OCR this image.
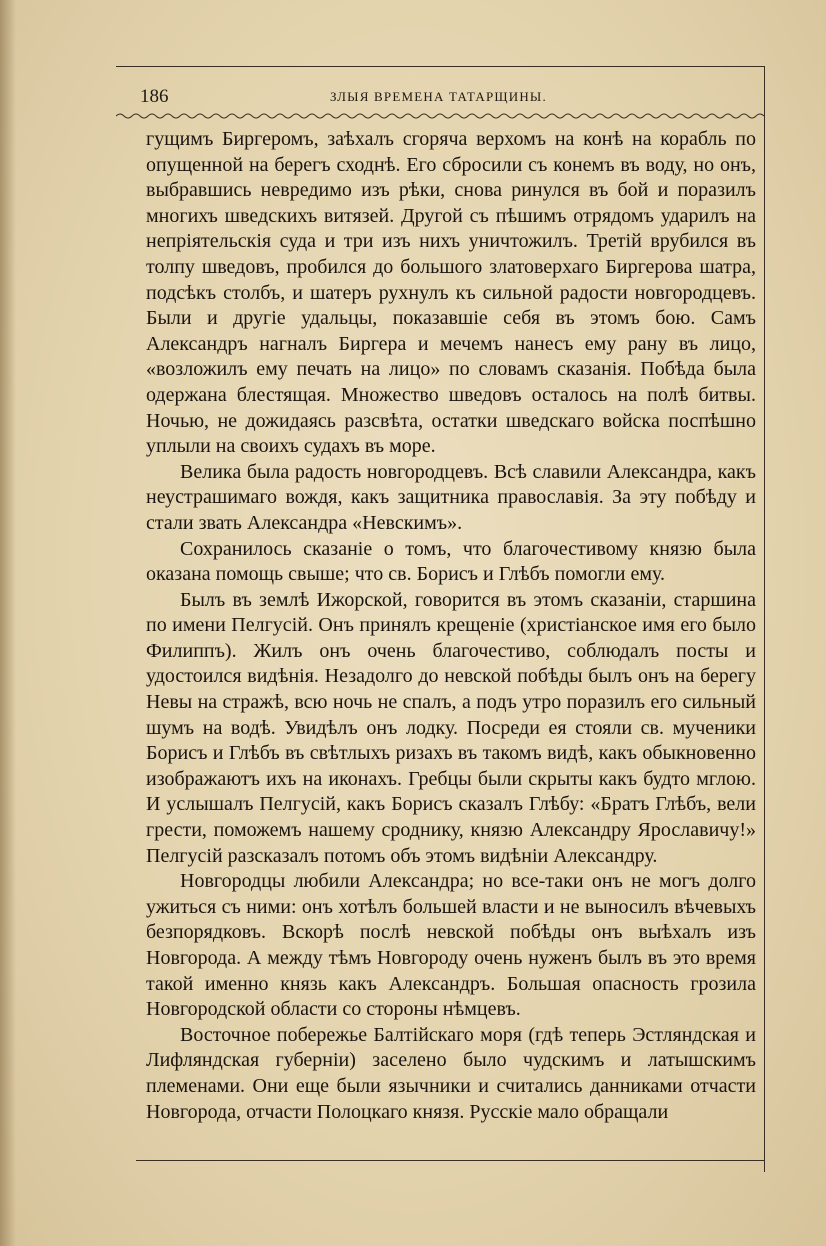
186	ЗЛЫЯ ВРЕМЕНА ТАТАРЩИНЫ.

гущимъ Биргеромъ, заѣхалъ сгоряча верхомъ на конѣ на корабль по опущенной на берегъ сходнѣ. Его сбросили съ конемъ въ воду, но онъ, выбравшись невредимо изъ рѣки, снова ринулся въ бой и поразилъ многихъ шведскихъ витязей. Другой съ пѣшимъ отрядомъ ударилъ на непріятельскія суда и три изъ нихъ уничтожилъ. Третій врубился въ толпу шведовъ, пробился до большого златоверхаго Биргерова шатра, подсѣкъ столбъ, и шатеръ рухнулъ къ сильной радости новгородцевъ. Были и другіе удальцы, показавшіе себя въ этомъ бою. Самъ Александръ нагналъ Биргера и мечемъ нанесъ ему рану въ лицо, «возложилъ ему печать на лицо» по словамъ сказанія. Побѣда была одержана блестящая. Множество шведовъ осталось на полѣ битвы. Ночью, не дожидаясь разсвѣта, остатки шведскаго войска поспѣшно уплыли на своихъ судахъ въ море.

Велика была радость новгородцевъ. Всѣ славили Александра, какъ неустрашимаго вождя, какъ защитника православія. За эту побѣду и стали звать Александра «Невскимъ».

Сохранилось сказаніе о томъ, что благочестивому князю была оказана помощь свыше; что св. Борисъ и Глѣбъ помогли ему.

Былъ въ землѣ Ижорской, говорится въ этомъ сказаніи, старшина по имени Пелгусій. Онъ принялъ крещеніе (христіанское имя его было Филиппъ). Жилъ онъ очень благочестиво, соблюдалъ посты и удостоился видѣнія. Незадолго до невской побѣды былъ онъ на берегу Невы на стражѣ, всю ночь не спалъ, а подъ утро поразилъ его сильный шумъ на водѣ. Увидѣлъ онъ лодку. Посреди ея стояли св. мученики Борисъ и Глѣбъ въ свѣтлыхъ ризахъ въ такомъ видѣ, какъ обыкновенно изображаютъ ихъ на иконахъ. Гребцы были скрыты какъ будто мглою. И услышалъ Пелгусій, какъ Борисъ сказалъ Глѣбу: «Братъ Глѣбъ, вели грести, поможемъ нашему сроднику, князю Александру Ярославичу!» Пелгусій разсказалъ потомъ объ этомъ видѣніи Александру.

Новгородцы любили Александра; но все-таки онъ не могъ долго ужиться съ ними: онъ хотѣлъ большей власти и не выносилъ вѣчевыхъ безпорядковъ. Вскорѣ послѣ невской побѣды онъ выѣхалъ изъ Новгорода. А между тѣмъ Новгороду очень нуженъ былъ въ это время такой именно князь какъ Александръ. Большая опасность грозила Новгородской области со стороны нѣмцевъ.

Восточное побережье Балтійскаго моря (гдѣ теперь Эстляндская и Лифляндская губерніи) заселено было чудскимъ и латышскимъ племенами. Они еще были язычники и считались данниками отчасти Новгорода, отчасти Полоцкаго князя. Русскіе мало обращали
